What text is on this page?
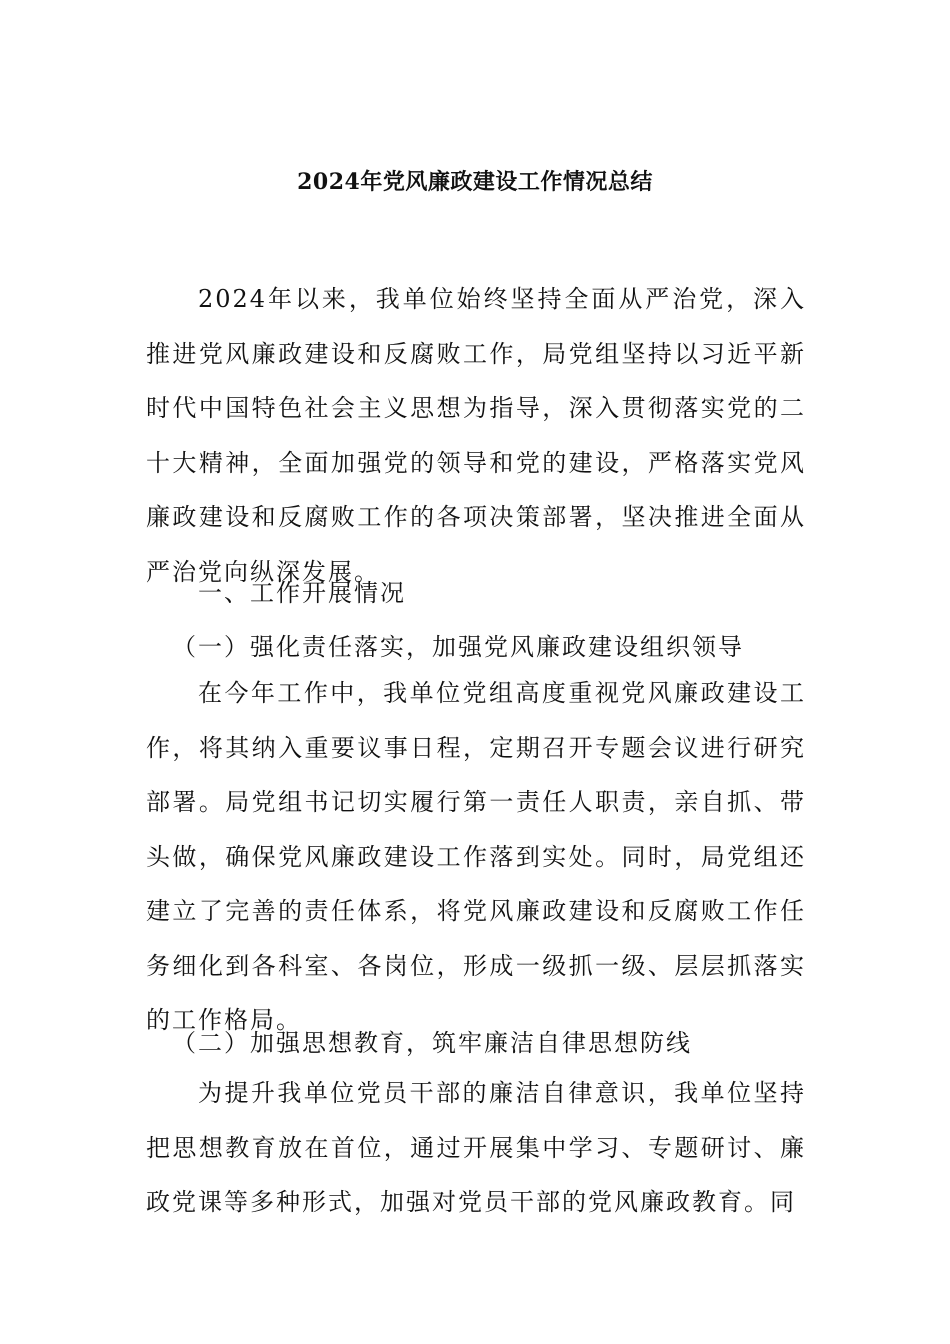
2024年党风廉政建设工作情况总结

2024年以来，我单位始终坚持全面从严治党，深入推进党风廉政建设和反腐败工作，局党组坚持以习近平新时代中国特色社会主义思想为指导，深入贯彻落实党的二十大精神，全面加强党的领导和党的建设，严格落实党风廉政建设和反腐败工作的各项决策部署，坚决推进全面从严治党向纵深发展。

一、工作开展情况

（一）强化责任落实，加强党风廉政建设组织领导

在今年工作中，我单位党组高度重视党风廉政建设工作，将其纳入重要议事日程，定期召开专题会议进行研究部署。局党组书记切实履行第一责任人职责，亲自抓、带头做，确保党风廉政建设工作落到实处。同时，局党组还建立了完善的责任体系，将党风廉政建设和反腐败工作任务细化到各科室、各岗位，形成一级抓一级、层层抓落实的工作格局。

（二）加强思想教育，筑牢廉洁自律思想防线

为提升我单位党员干部的廉洁自律意识，我单位坚持把思想教育放在首位，通过开展集中学习、专题研讨、廉政党课等多种形式，加强对党员干部的党风廉政教育。同
